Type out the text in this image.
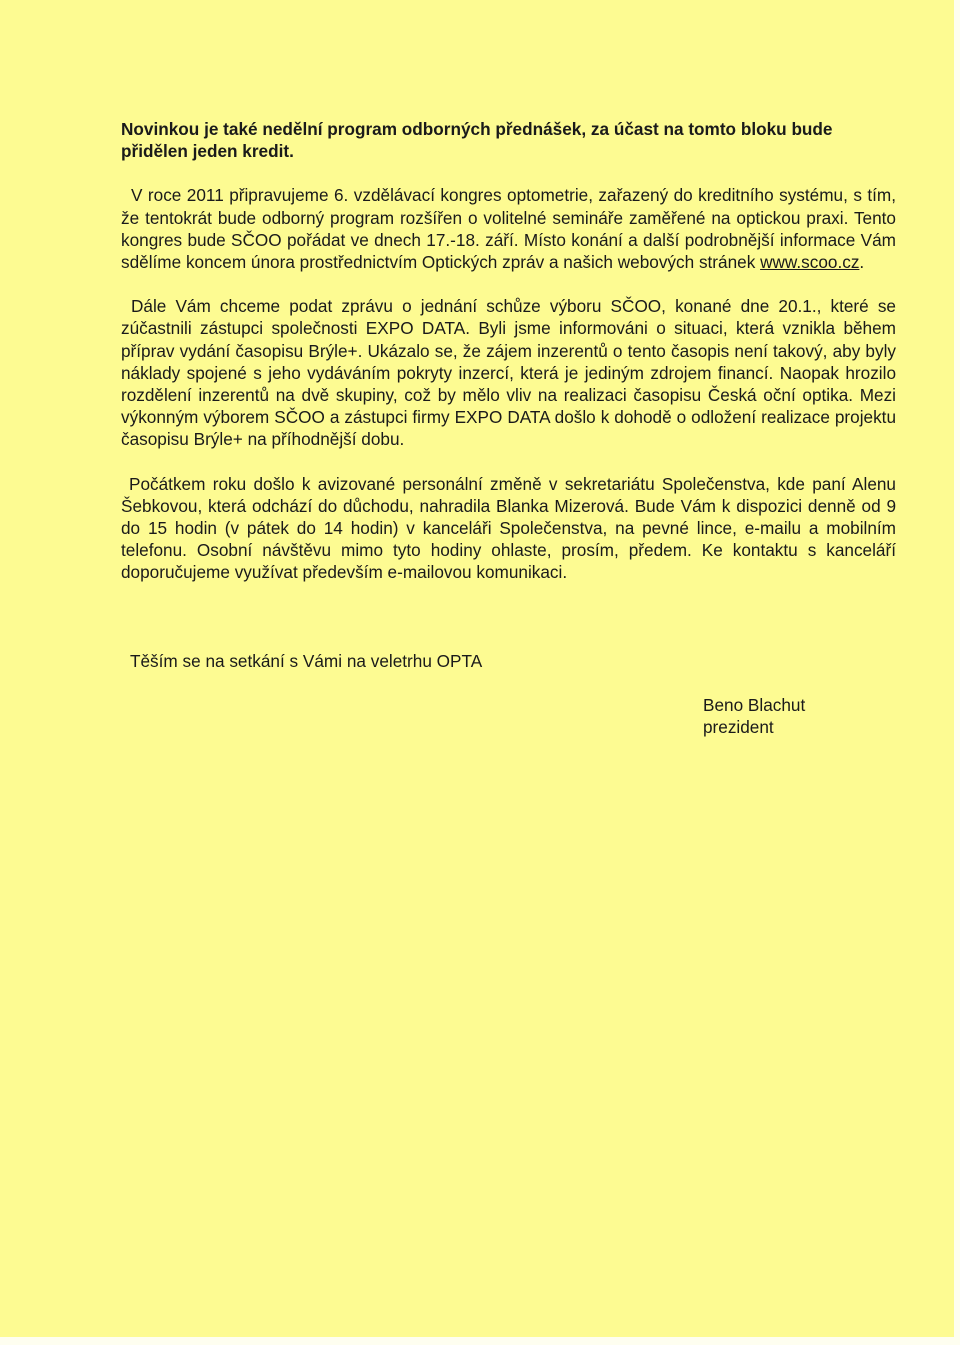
Novinkou je také nedělní program odborných přednášek, za účast na tomto bloku bude přidělen jeden kredit.

V roce 2011 připravujeme 6. vzdělávací kongres optometrie, zařazený do kreditního systému, s tím, že tentokrát bude odborný program rozšířen o volitelné semináře zaměřené na optickou praxi. Tento kongres bude SČOO pořádat ve dnech 17.-18. září. Místo konání a další podrobnější informace Vám sdělíme koncem února prostřednictvím Optických zpráv a našich webových stránek www.scoo.cz.

Dále Vám chceme podat zprávu o jednání schůze výboru SČOO, konané dne 20.1., které se zúčastnili zástupci společnosti EXPO DATA. Byli jsme informováni o situaci, která vznikla během příprav vydání časopisu Brýle+. Ukázalo se, že zájem inzerentů o tento časopis není takový, aby byly náklady spojené s jeho vydáváním pokryty inzercí, která je jediným zdrojem financí. Naopak hrozilo rozdělení inzerentů na dvě skupiny, což by mělo vliv na realizaci časopisu Česká oční optika. Mezi výkonným výborem SČOO a zástupci firmy EXPO DATA došlo k dohodě o odložení realizace projektu časopisu Brýle+ na příhodnější dobu.

Počátkem roku došlo k avizované personální změně v sekretariátu Společenstva, kde paní Alenu Šebkovou, která odchází do důchodu, nahradila Blanka Mizerová. Bude Vám k dispozici denně od 9 do 15 hodin (v pátek do 14 hodin) v kanceláři Společenstva, na pevné lince, e-mailu a mobilním telefonu. Osobní návštěvu mimo tyto hodiny ohlaste, prosím, předem. Ke kontaktu s kanceláří doporučujeme využívat především e-mailovou komunikaci.

Těším se na setkání s Vámi na veletrhu OPTA
Beno Blachut
prezident
